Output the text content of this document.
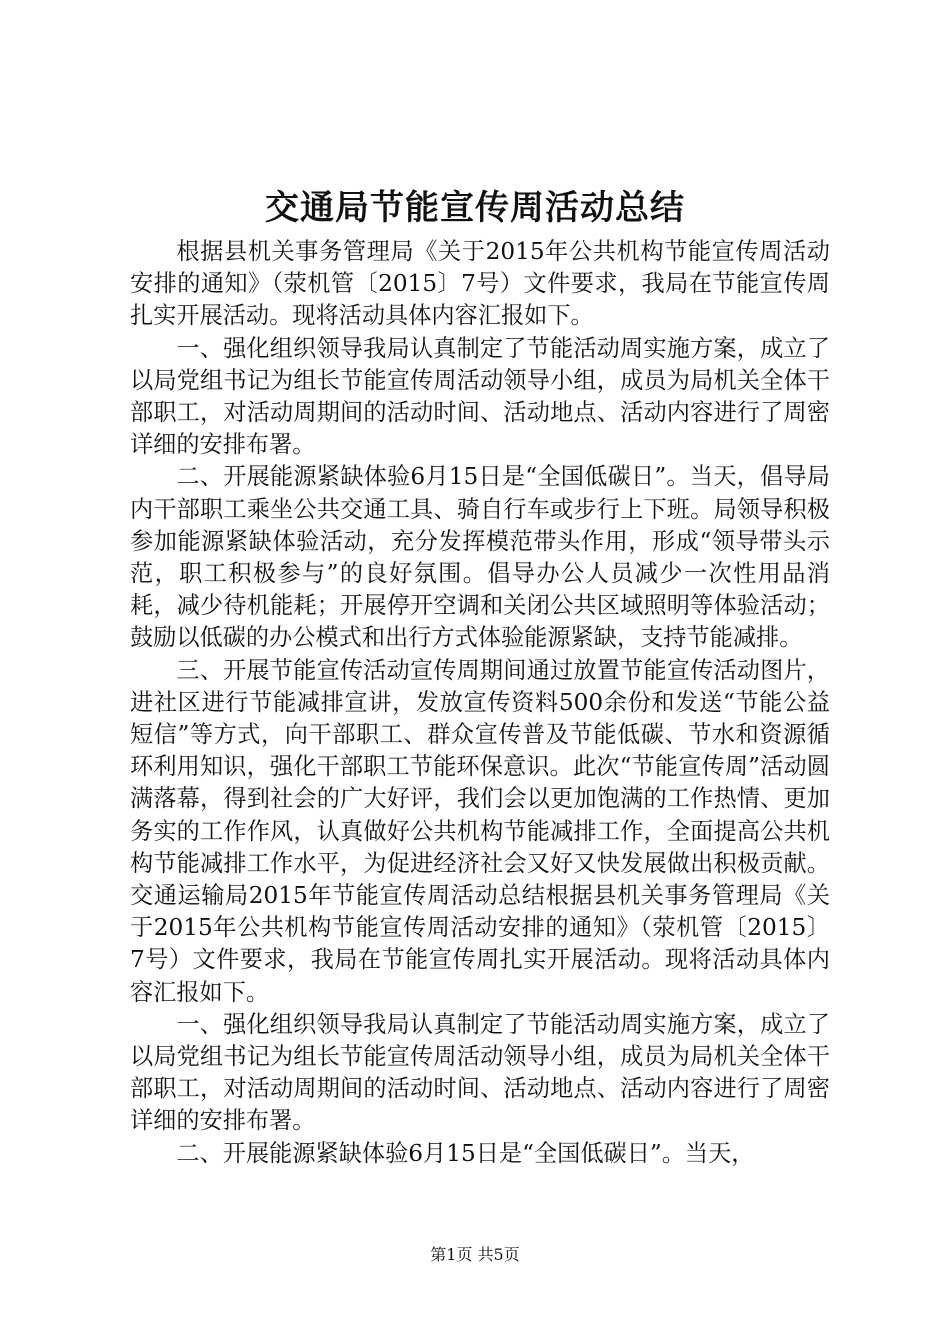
交通局节能宣传周活动总结

根据县机关事务管理局《关于2015年公共机构节能宣传周活动安排的通知》（荥机管〔2015〕7号）文件要求，我局在节能宣传周扎实开展活动。现将活动具体内容汇报如下。

一、强化组织领导我局认真制定了节能活动周实施方案，成立了以局党组书记为组长节能宣传周活动领导小组，成员为局机关全体干部职工，对活动周期间的活动时间、活动地点、活动内容进行了周密详细的安排布署。

二、开展能源紧缺体验6月15日是“全国低碳日”。当天，倡导局内干部职工乘坐公共交通工具、骑自行车或步行上下班。局领导积极参加能源紧缺体验活动，充分发挥模范带头作用，形成“领导带头示范，职工积极参与”的良好氛围。倡导办公人员减少一次性用品消耗，减少待机能耗；开展停开空调和关闭公共区域照明等体验活动；鼓励以低碳的办公模式和出行方式体验能源紧缺，支持节能减排。

三、开展节能宣传活动宣传周期间通过放置节能宣传活动图片，进社区进行节能减排宣讲，发放宣传资料500余份和发送“节能公益短信”等方式，向干部职工、群众宣传普及节能低碳、节水和资源循环利用知识，强化干部职工节能环保意识。此次“节能宣传周”活动圆满落幕，得到社会的广大好评，我们会以更加饱满的工作热情、更加务实的工作作风，认真做好公共机构节能减排工作，全面提高公共机构节能减排工作水平，为促进经济社会又好又快发展做出积极贡献。交通运输局2015年节能宣传周活动总结根据县机关事务管理局《关于2015年公共机构节能宣传周活动安排的通知》（荥机管〔2015〕7号）文件要求，我局在节能宣传周扎实开展活动。现将活动具体内容汇报如下。

一、强化组织领导我局认真制定了节能活动周实施方案，成立了以局党组书记为组长节能宣传周活动领导小组，成员为局机关全体干部职工，对活动周期间的活动时间、活动地点、活动内容进行了周密详细的安排布署。

二、开展能源紧缺体验6月15日是“全国低碳日”。当天，

第1页 共5页
